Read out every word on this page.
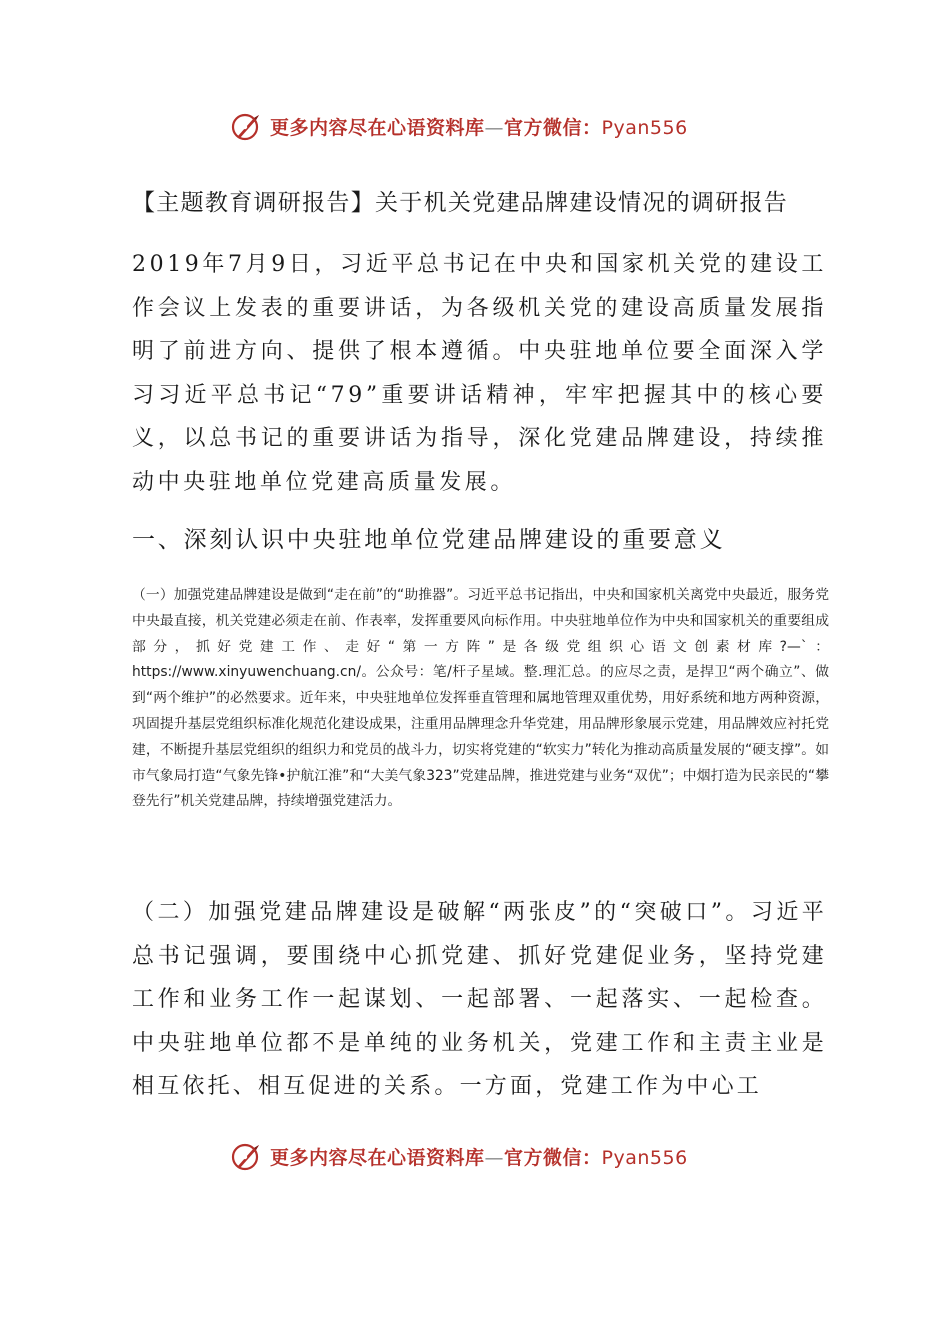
更多内容尽在心语资料库—官方微信：Pyan556
【主题教育调研报告】关于机关党建品牌建设情况的调研报告

2019年7月9日，习近平总书记在中央和国家机关党的建设工作会议上发表的重要讲话，为各级机关党的建设高质量发展指明了前进方向、提供了根本遵循。中央驻地单位要全面深入学习习近平总书记“79”重要讲话精神，牢牢把握其中的核心要义，以总书记的重要讲话为指导，深化党建品牌建设，持续推动中央驻地单位党建高质量发展。

一、深刻认识中央驻地单位党建品牌建设的重要意义

（一）加强党建品牌建设是做到“走在前”的“助推器”。习近平总书记指出，中央和国家机关离党中央最近，服务党中央最直接，机关党建必须走在前、作表率，发挥重要风向标作用。中央驻地单位作为中央和国家机关的重要组成部分，抓好党建工作、走好“第一方阵”是各级党组织心语文创素材库?—`：https://www.xinyuwenchuang.cn/。公众号：笔/杆子星域。整.理汇总。的应尽之责，是捍卫“两个确立”、做到“两个维护”的必然要求。近年来，中央驻地单位发挥垂直管理和属地管理双重优势，用好系统和地方两种资源，巩固提升基层党组织标准化规范化建设成果，注重用品牌理念升华党建，用品牌形象展示党建，用品牌效应衬托党建，不断提升基层党组织的组织力和党员的战斗力，切实将党建的“软实力”转化为推动高质量发展的“硬支撑”。如市气象局打造“气象先锋•护航江淮”和“大美气象323”党建品牌，推进党建与业务“双优”；中烟打造为民亲民的“攀登先行”机关党建品牌，持续增强党建活力。

（二）加强党建品牌建设是破解“两张皮”的“突破口”。习近平总书记强调，要围绕中心抓党建、抓好党建促业务，坚持党建工作和业务工作一起谋划、一起部署、一起落实、一起检查。中央驻地单位都不是单纯的业务机关，党建工作和主责主业是相互依托、相互促进的关系。一方面，党建工作为中心工

更多内容尽在心语资料库—官方微信：Pyan556
